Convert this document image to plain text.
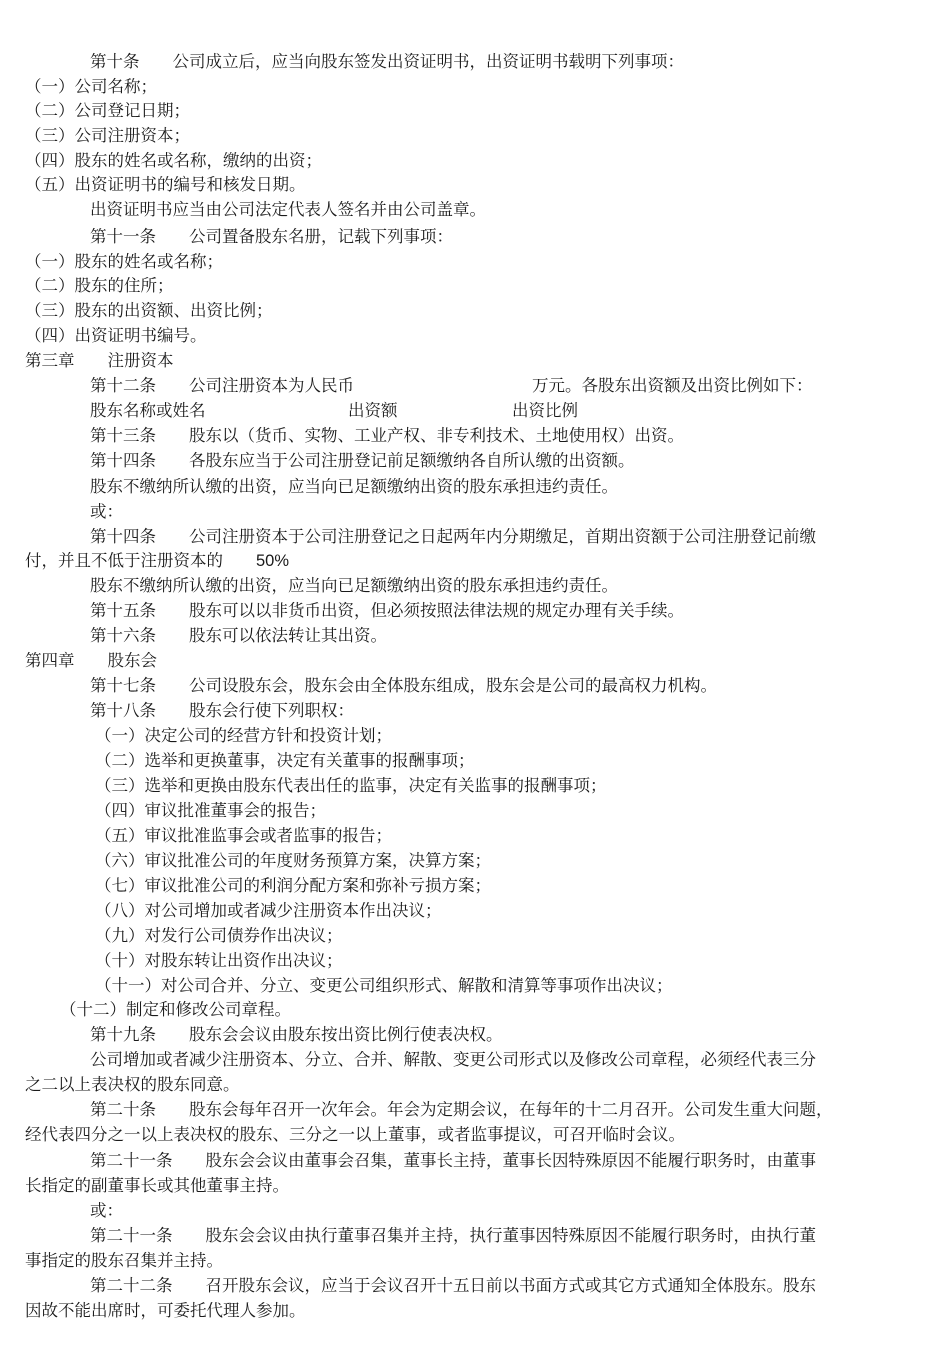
第十条　　公司成立后，应当向股东签发出资证明书，出资证明书载明下列事项：
（一）公司名称；
（二）公司登记日期；
（三）公司注册资本；
（四）股东的姓名或名称，缴纳的出资；
（五）出资证明书的编号和核发日期。
出资证明书应当由公司法定代表人签名并由公司盖章。
第十一条　　公司置备股东名册，记载下列事项：
（一）股东的姓名或名称；
（二）股东的住所；
（三）股东的出资额、出资比例；
（四）出资证明书编号。
第三章　　注册资本
第十二条　　公司注册资本为人民币	万元。各股东出资额及出资比例如下：
股东名称或姓名	出资额	出资比例
第十三条　　股东以（货币、实物、工业产权、非专利技术、土地使用权）出资。
第十四条　　各股东应当于公司注册登记前足额缴纳各自所认缴的出资额。
股东不缴纳所认缴的出资，应当向已足额缴纳出资的股东承担违约责任。
或：
第十四条　　公司注册资本于公司注册登记之日起两年内分期缴足，首期出资额于公司注册登记前缴
付，并且不低于注册资本的 50%
股东不缴纳所认缴的出资，应当向已足额缴纳出资的股东承担违约责任。
第十五条　　股东可以以非货币出资，但必须按照法律法规的规定办理有关手续。
第十六条　　股东可以依法转让其出资。
第四章　　股东会
第十七条　　公司设股东会，股东会由全体股东组成，股东会是公司的最高权力机构。
第十八条　　股东会行使下列职权：
（一）决定公司的经营方针和投资计划；
（二）选举和更换董事，决定有关董事的报酬事项；
（三）选举和更换由股东代表出任的监事，决定有关监事的报酬事项；
（四）审议批准董事会的报告；
（五）审议批准监事会或者监事的报告；
（六）审议批准公司的年度财务预算方案，决算方案；
（七）审议批准公司的利润分配方案和弥补亏损方案；
（八）对公司增加或者减少注册资本作出决议；
（九）对发行公司债券作出决议；
（十）对股东转让出资作出决议；
（十一）对公司合并、分立、变更公司组织形式、解散和清算等事项作出决议；
（十二）制定和修改公司章程。
第十九条　　股东会会议由股东按出资比例行使表决权。
公司增加或者减少注册资本、分立、合并、解散、变更公司形式以及修改公司章程，必须经代表三分
之二以上表决权的股东同意。
第二十条　　股东会每年召开一次年会。年会为定期会议，在每年的十二月召开。公司发生重大问题，
经代表四分之一以上表决权的股东、三分之一以上董事，或者监事提议，可召开临时会议。
第二十一条　　股东会会议由董事会召集，董事长主持，董事长因特殊原因不能履行职务时，由董事
长指定的副董事长或其他董事主持。
或：
第二十一条　　股东会会议由执行董事召集并主持，执行董事因特殊原因不能履行职务时，由执行董
事指定的股东召集并主持。
第二十二条　　召开股东会议，应当于会议召开十五日前以书面方式或其它方式通知全体股东。股东
因故不能出席时，可委托代理人参加。
